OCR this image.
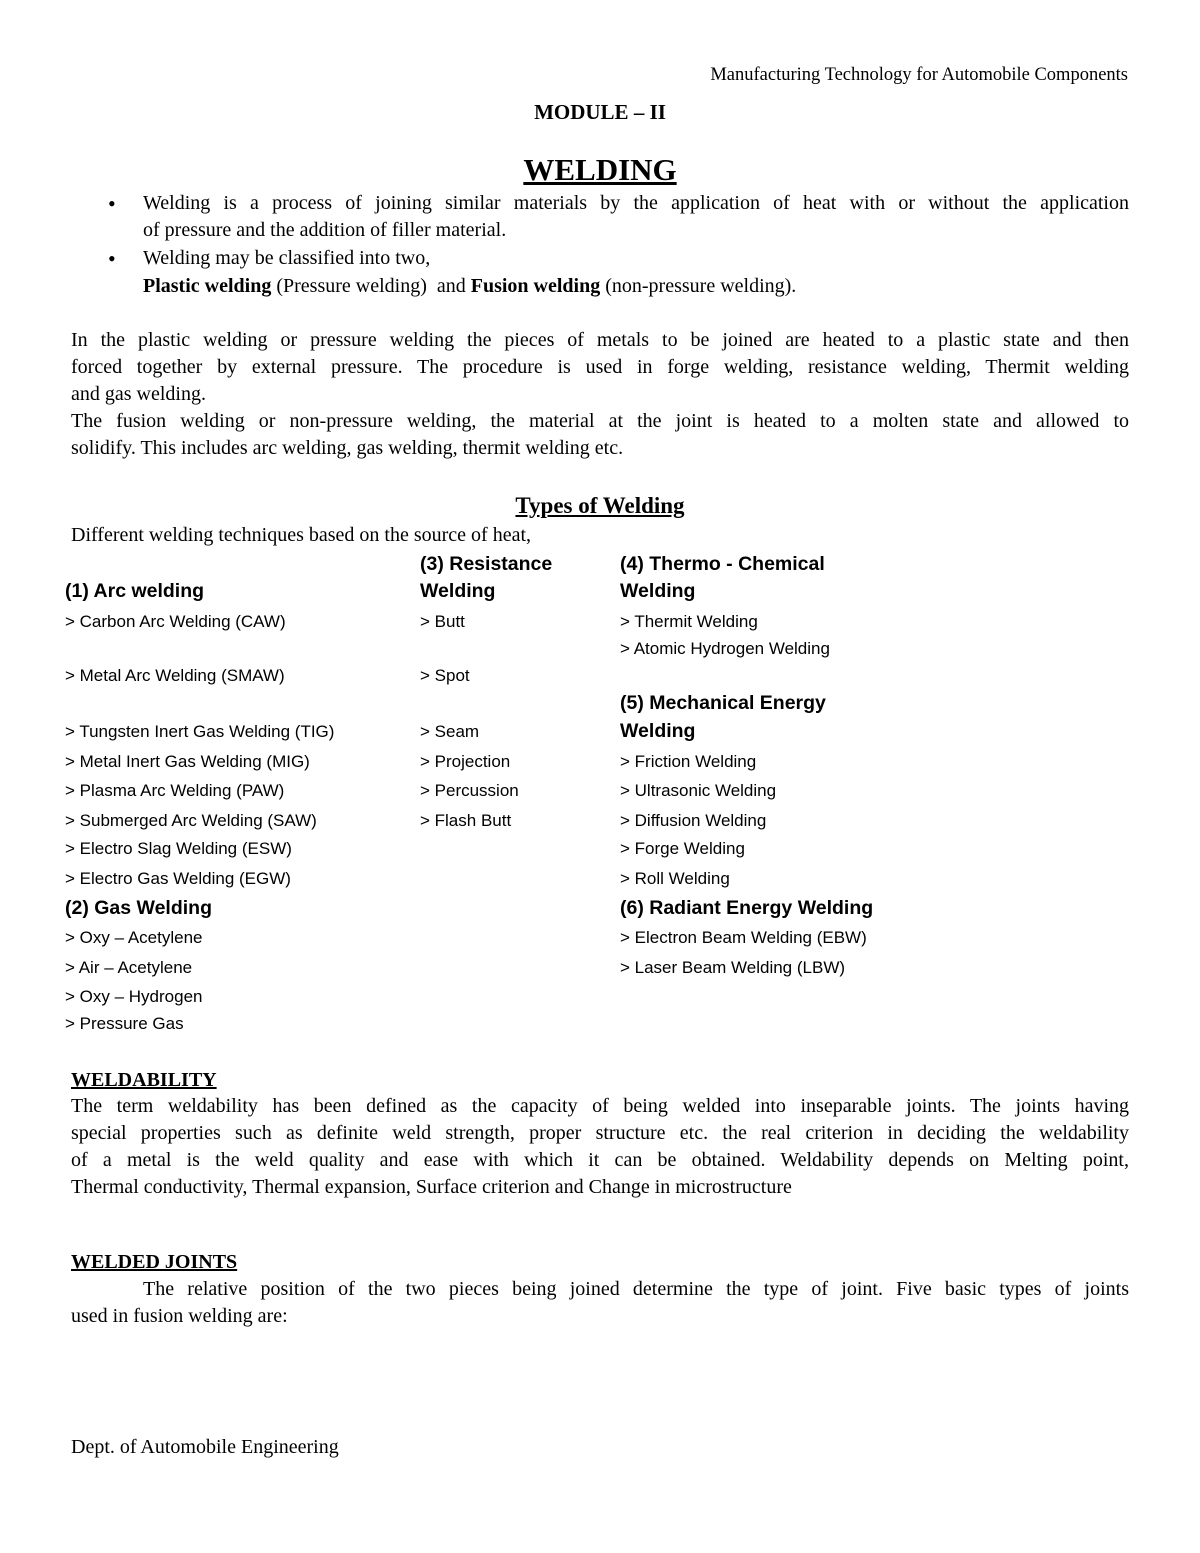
Manufacturing Technology for Automobile Components
MODULE – II
WELDING
• Welding is a process of joining similar materials by the application of heat with or without the application
of pressure and the addition of filler material.
• Welding may be classified into two,
Plastic welding (Pressure welding)  and Fusion welding (non-pressure welding).
In the plastic welding or pressure welding the pieces of metals to be joined are heated to a plastic state and then
forced together by external pressure. The procedure is used in forge welding, resistance welding, Thermit welding
and gas welding.
The fusion welding or non-pressure welding, the material at the joint is heated to a molten state and allowed to
solidify. This includes arc welding, gas welding, thermit welding etc.
Types of Welding
Different welding techniques based on the source of heat,
(1) Arc welding
> Carbon Arc Welding (CAW)
> Metal Arc Welding (SMAW)
> Tungsten Inert Gas Welding (TIG)
> Metal Inert Gas Welding (MIG)
> Plasma Arc Welding (PAW)
> Submerged Arc Welding (SAW)
> Electro Slag Welding (ESW)
> Electro Gas Welding (EGW)
(2) Gas Welding
> Oxy – Acetylene
> Air – Acetylene
> Oxy – Hydrogen
> Pressure Gas
(3) Resistance
Welding
> Butt
> Spot
> Seam
> Projection
> Percussion
> Flash Butt
(4) Thermo - Chemical
Welding
> Thermit Welding
> Atomic Hydrogen Welding
(5) Mechanical Energy
Welding
> Friction Welding
> Ultrasonic Welding
> Diffusion Welding
> Forge Welding
> Roll Welding
(6) Radiant Energy Welding
> Electron Beam Welding (EBW)
> Laser Beam Welding (LBW)
WELDABILITY
The term weldability has been defined as the capacity of being welded into inseparable joints. The joints having
special properties such as definite weld strength, proper structure etc. the real criterion in deciding the weldability
of a metal is the weld quality and ease with which it can be obtained. Weldability depends on Melting point,
Thermal conductivity, Thermal expansion, Surface criterion and Change in microstructure
WELDED JOINTS
The relative position of the two pieces being joined determine the type of joint. Five basic types of joints
used in fusion welding are:
Dept. of Automobile Engineering
